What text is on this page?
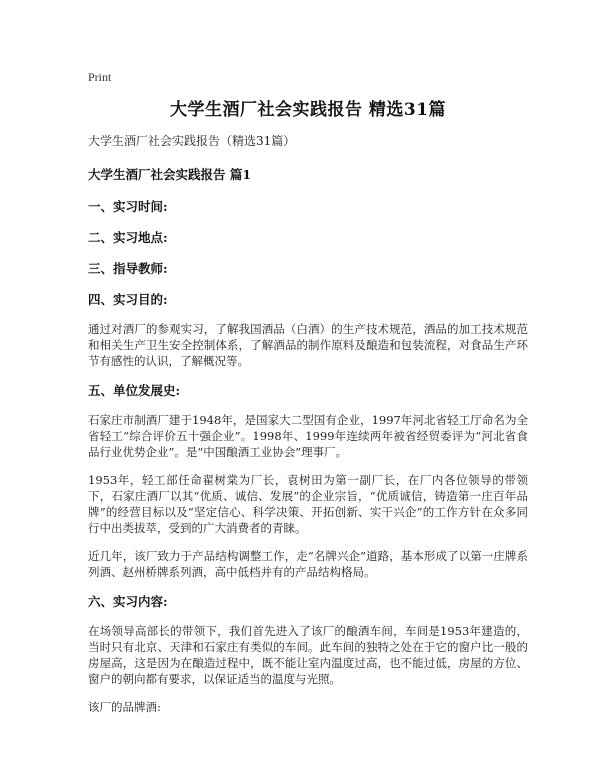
Print
大学生酒厂社会实践报告 精选31篇
大学生酒厂社会实践报告（精选31篇）
大学生酒厂社会实践报告 篇1
一、实习时间:
二、实习地点:
三、指导教师:
四、实习目的:

通过对酒厂的参观实习，了解我国酒品（白酒）的生产技术规范，酒品的加工技术规范和相关生产卫生安全控制体系，了解酒品的制作原料及酿造和包装流程，对食品生产环节有感性的认识，了解概况等。

五、单位发展史:

石家庄市制酒厂建于1948年，是国家大二型国有企业，1997年河北省轻工厅命名为全省轻工“综合评价五十强企业”。1998年、1999年连续两年被省经贸委评为“河北省食品行业优势企业”。是“中国酿酒工业协会”理事厂。

1953年，轻工部任命翟树棠为厂长，袁树田为第一副厂长，在厂内各位领导的带领下，石家庄酒厂以其“优质、诚信、发展”的企业宗旨，“优质诚信，铸造第一庄百年品牌”的经营目标以及“坚定信心、科学决策、开拓创新、实干兴企”的工作方针在众多同行中出类拔萃，受到的广大消费者的青睐。

近几年，该厂致力于产品结构调整工作，走“名牌兴企”道路，基本形成了以第一庄牌系列酒、赵州桥牌系列酒，高中低档并有的产品结构格局。

六、实习内容:

在场领导高部长的带领下，我们首先进入了该厂的酿酒车间，车间是1953年建造的，当时只有北京、天津和石家庄有类似的车间。此车间的独特之处在于它的窗户比一般的房屋高，这是因为在酿造过程中，既不能让室内温度过高，也不能过低，房屋的方位、窗户的朝向都有要求，以保证适当的温度与光照。

该厂的品牌酒:
